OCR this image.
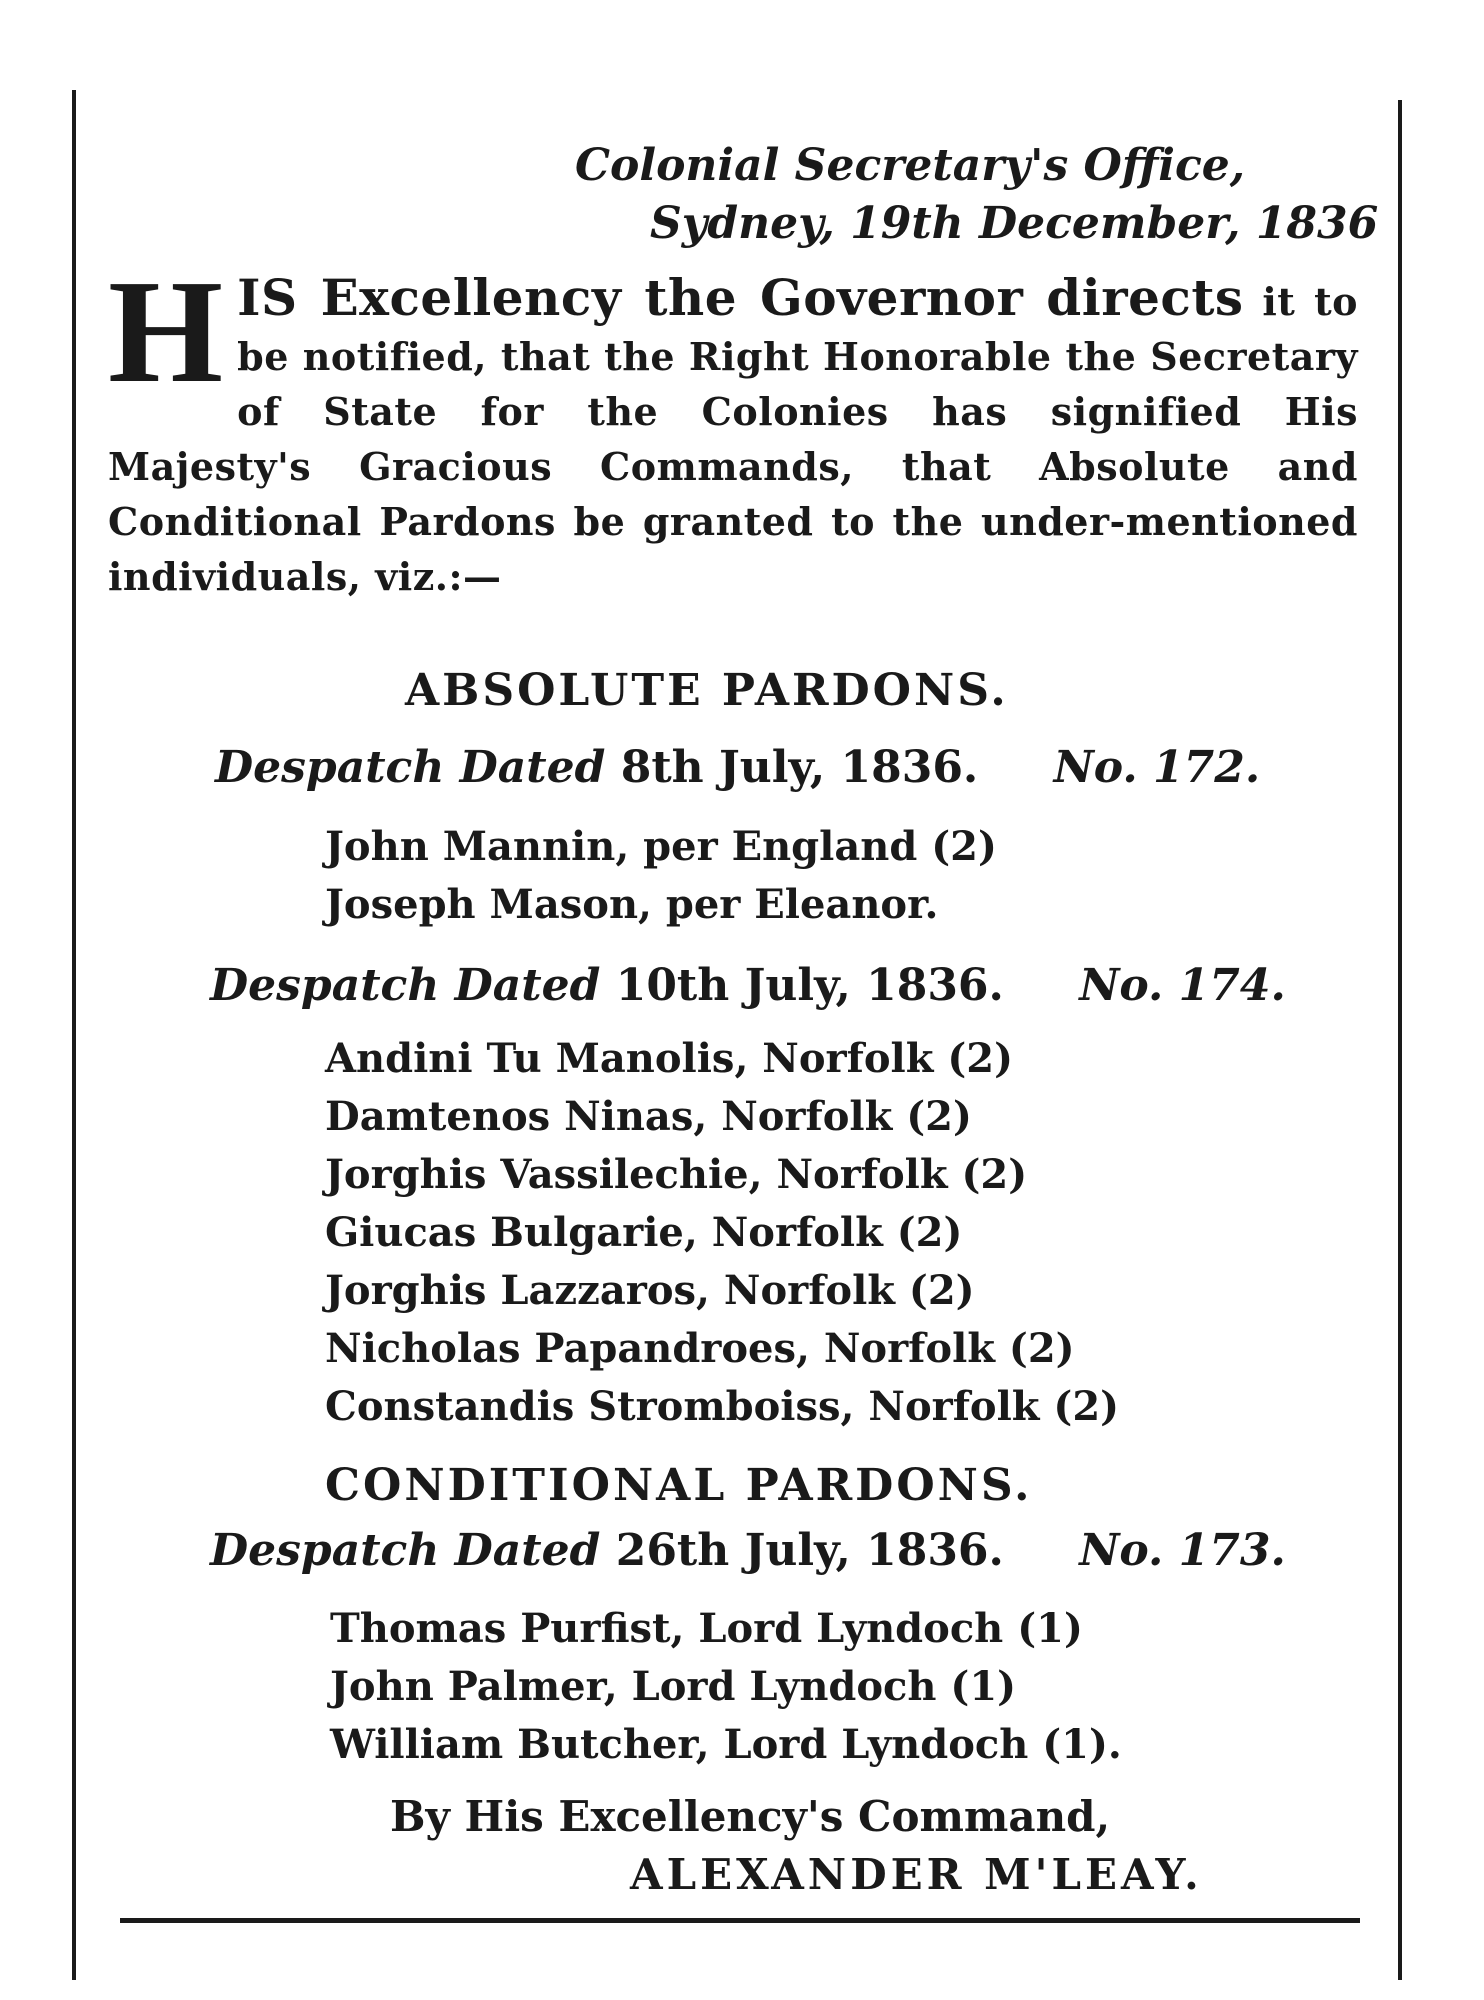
Colonial Secretary's Office,
Sydney, 19th December, 1836
H IS Excellency the Governor directs it to be notified, that the Right Honorable the Secretary of State for the Colonies has signified His Majesty's Gracious Commands, that Absolute and Conditional Pardons be granted to the under-mentioned individuals, viz.:—
ABSOLUTE PARDONS.
Despatch Dated 8th July, 1836. No. 172.
John Mannin, per England (2)
Joseph Mason, per Eleanor.
Despatch Dated 10th July, 1836. No. 174.
Andini Tu Manolis, Norfolk (2)
Damtenos Ninas, Norfolk (2)
Jorghis Vassilechie, Norfolk (2)
Giucas Bulgarie, Norfolk (2)
Jorghis Lazzaros, Norfolk (2)
Nicholas Papandroes, Norfolk (2)
Constandis Stromboiss, Norfolk (2)
CONDITIONAL PARDONS.
Despatch Dated 26th July, 1836. No. 173.
Thomas Purfist, Lord Lyndoch (1)
John Palmer, Lord Lyndoch (1)
William Butcher, Lord Lyndoch (1).
By His Excellency's Command,
ALEXANDER M'LEAY.
